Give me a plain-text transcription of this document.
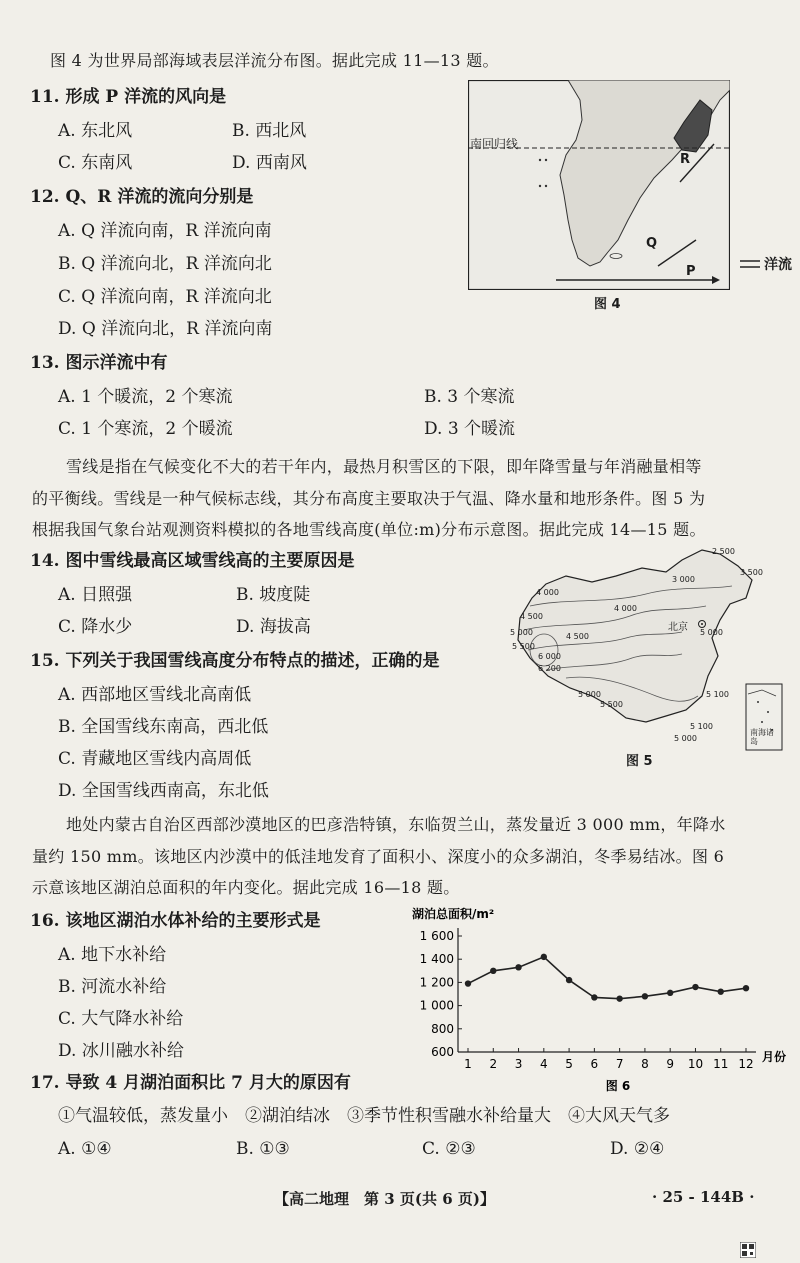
图 4 为世界局部海域表层洋流分布图。据此完成 11—13 题。
11. 形成 P 洋流的风向是
A. 东北风	B. 西北风
C. 东南风	D. 西南风
12. Q、R 洋流的流向分别是
A. Q 洋流向南，R 洋流向南
B. Q 洋流向北，R 洋流向北
C. Q 洋流向南，R 洋流向北
D. Q 洋流向北，R 洋流向南
13. 图示洋流中有
A. 1 个暖流，2 个寒流	B. 3 个寒流
C. 1 个寒流，2 个暖流	D. 3 个暖流
南回归线
R
Q
P	洋流
图 4
雪线是指在气候变化不大的若干年内，最热月积雪区的下限，即年降雪量与年消融量相等
的平衡线。雪线是一种气候标志线，其分布高度主要取决于气温、降水量和地形条件。图 5 为
根据我国气象台站观测资料模拟的各地雪线高度(单位:m)分布示意图。据此完成 14—15 题。
14. 图中雪线最高区域雪线高的主要原因是
A. 日照强	B. 坡度陡
C. 降水少	D. 海拔高
15. 下列关于我国雪线高度分布特点的描述，正确的是
A. 西部地区雪线北高南低
B. 全国雪线东南高，西北低
C. 青藏地区雪线内高周低
D. 全国雪线西南高，东北低
2 500
3 000
3 500
4 000
4 000
4 500
5 000
5 500
6 000
6 200
5 000
4 500
5 000
5 500
5 100
5 100
5 000
北京
南海诸岛
图 5
地处内蒙古自治区西部沙漠地区的巴彦浩特镇，东临贺兰山，蒸发量近 3 000 mm，年降水
量约 150 mm。该地区内沙漠中的低洼地发育了面积小、深度小的众多湖泊，冬季易结冰。图 6
示意该地区湖泊总面积的年内变化。据此完成 16—18 题。
16. 该地区湖泊水体补给的主要形式是
A. 地下水补给
B. 河流水补给
C. 大气降水补给
D. 冰川融水补给
湖泊总面积/m²
月份
图 6
600
800
1 000
1 200
1 400
1 600
1 2 3 4 5 6 7 8 9 10 11 12
17. 导致 4 月湖泊面积比 7 月大的原因有
①气温较低，蒸发量小　②湖泊结冰　③季节性积雪融水补给量大　④大风天气多
A. ①④	B. ①③	C. ②③	D. ②④
【高二地理　第 3 页(共 6 页)】	· 25 - 144B ·
